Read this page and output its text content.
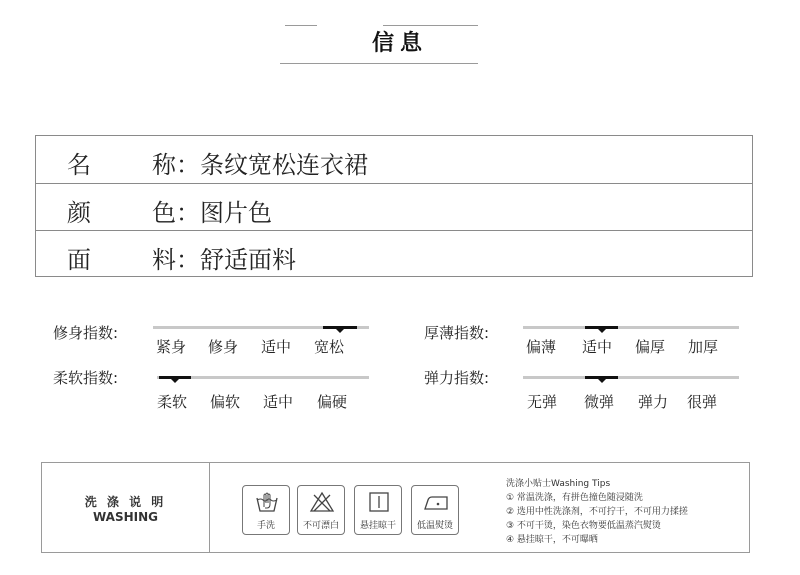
信息
名	称：条纹宽松连衣裙
颜	色：图片色
面	料：舒适面料
修身指数:
紧身 修身 适中 宽松
厚薄指数:
偏薄 适中 偏厚 加厚
柔软指数:
柔软 偏软 适中 偏硬
弹力指数:
无弹 微弹 弹力 很弹
洗 涤 说 明
WASHING
手洗	不可漂白	悬挂晾干	低温熨烫
洗涤小贴士Washing Tips
① 常温洗涤，有拼色撞色随浸随洗
② 选用中性洗涤剂，不可拧干，不可用力揉搓
③ 不可干烫，染色衣物要低温蒸汽熨烫
④ 悬挂晾干，不可曝晒
